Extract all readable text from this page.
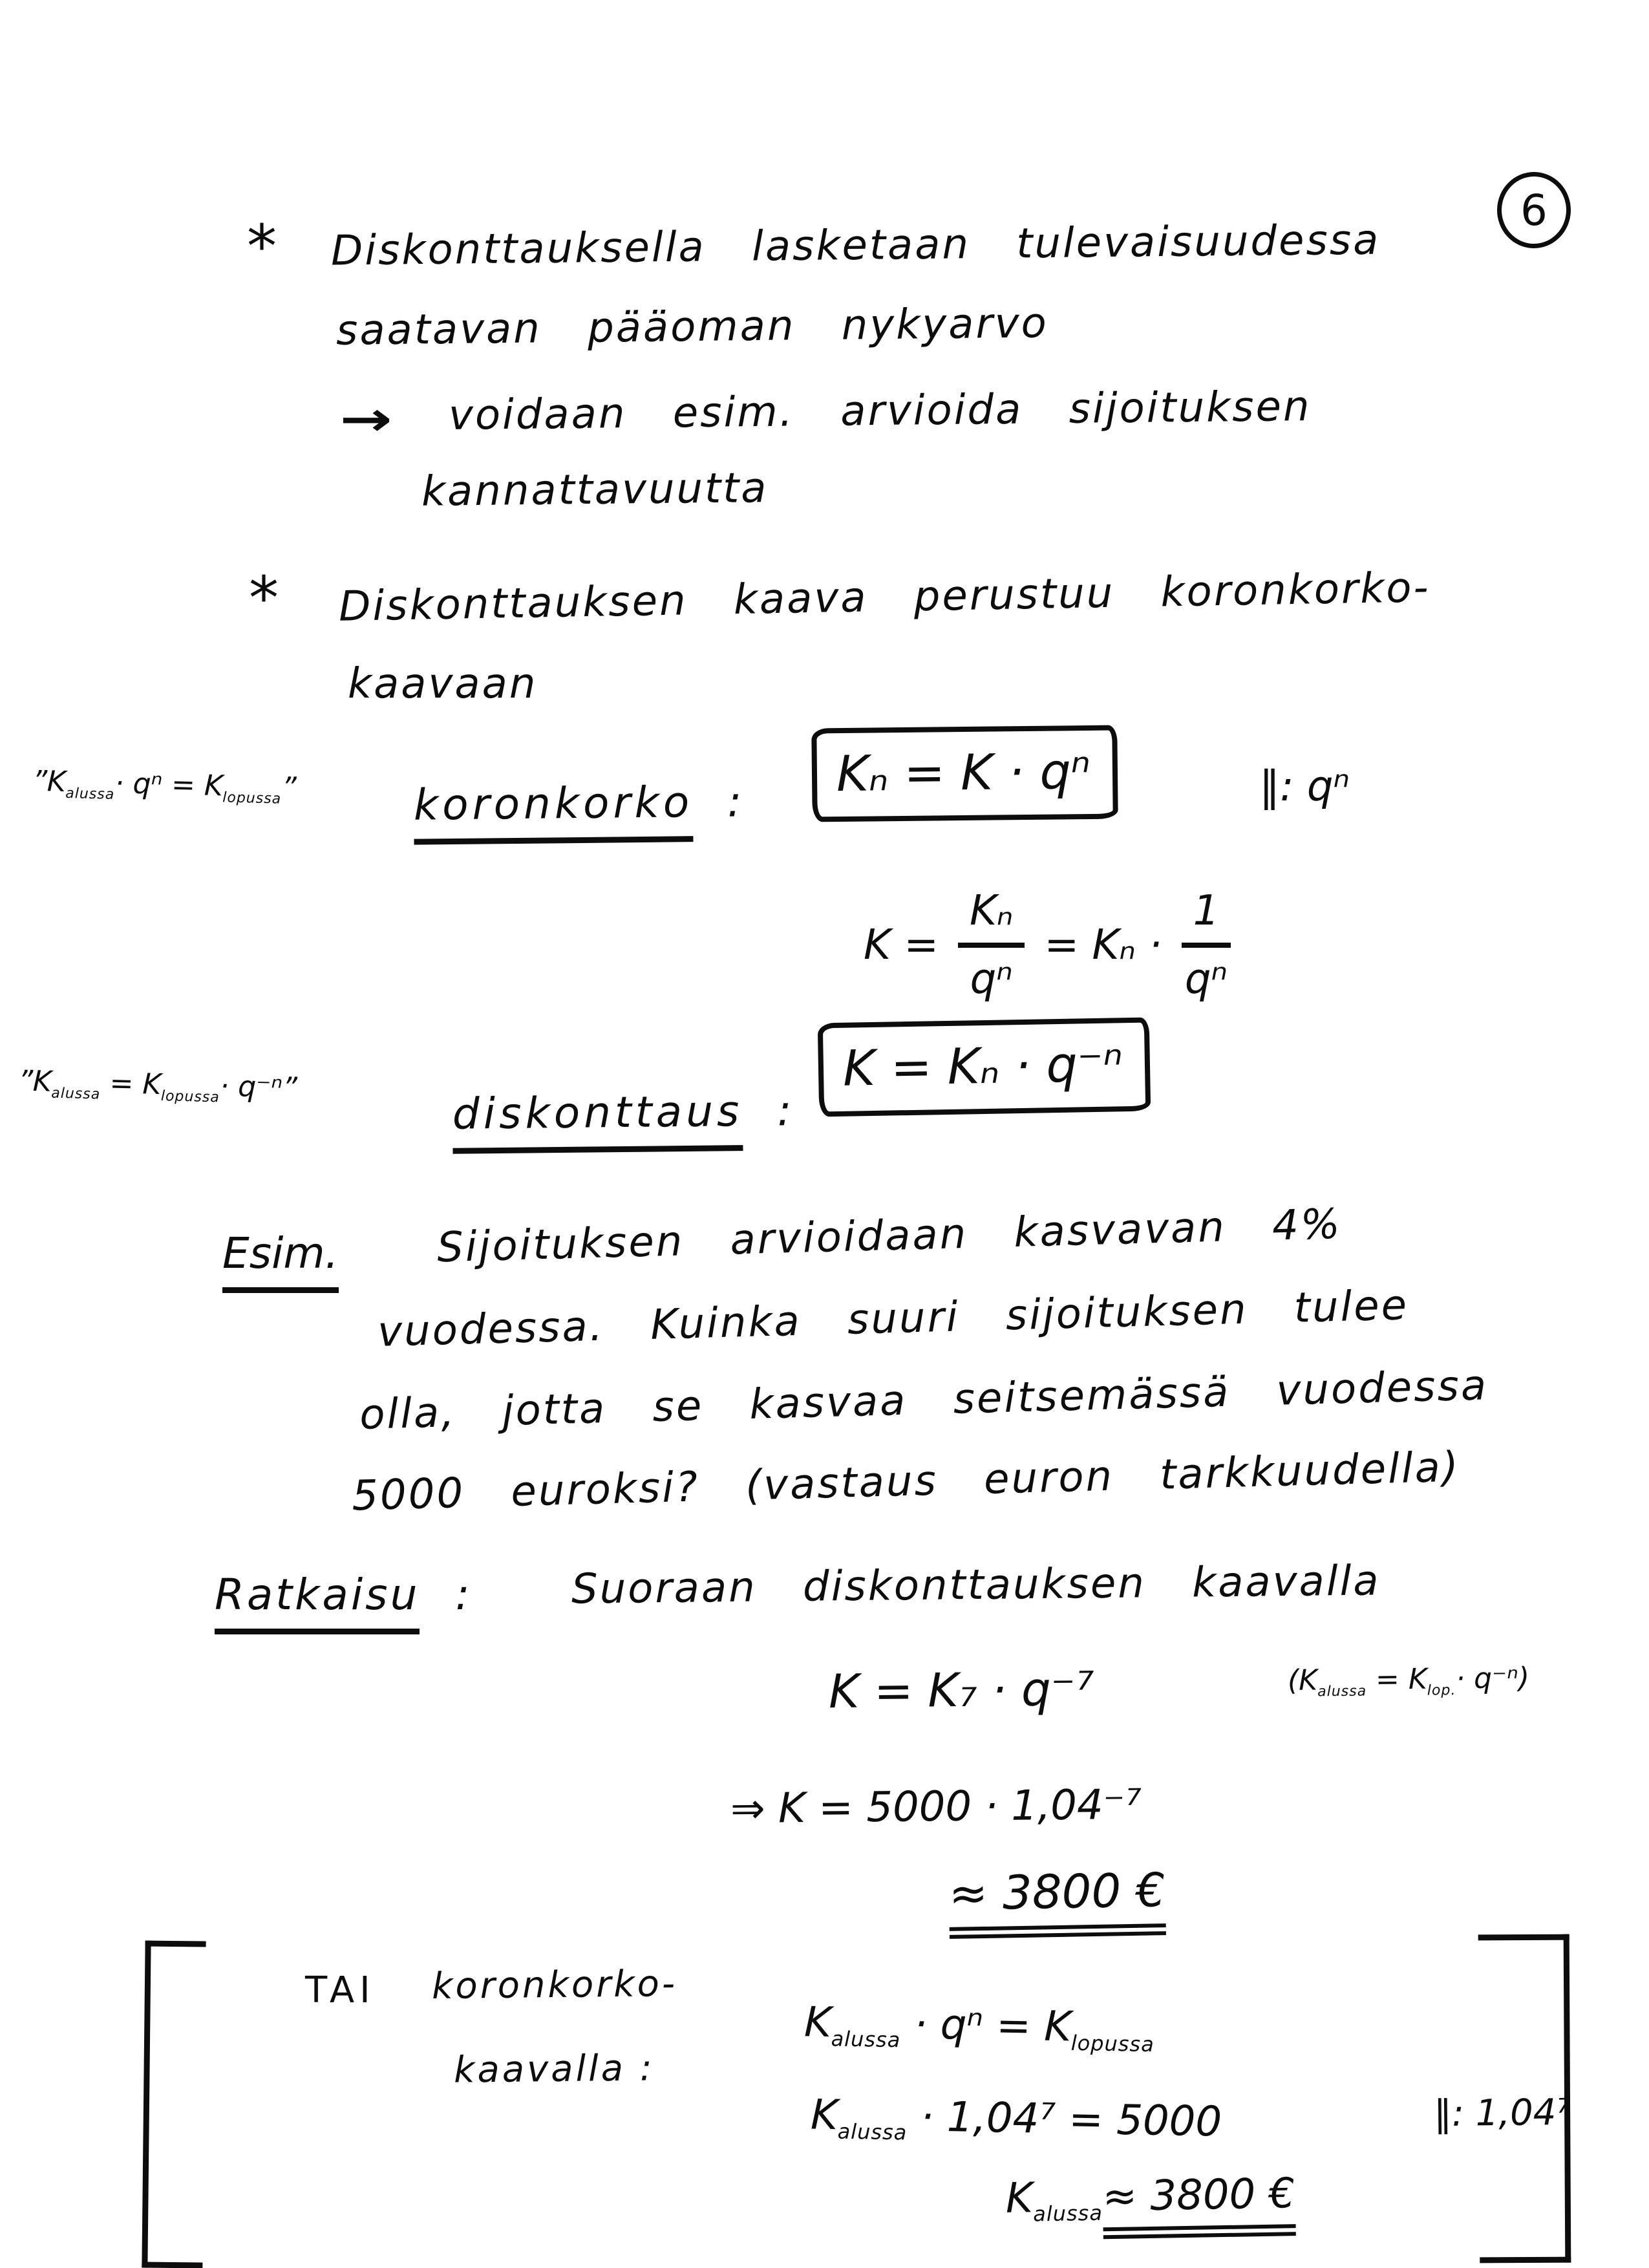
6
* Diskonttauksella lasketaan tulevaisuudessa
saatavan pääoman nykyarvo
→ voidaan esim. arvioida sijoituksen
kannattavuutta
* Diskonttauksen kaava perustuu koronkorko-
kaavaan
$”K_{alussa}\cdot q^n = K_{lopussa}$”	koronkorko :	Kₙ = K · qⁿ	‖: qⁿ
$K = \frac{\text{Kₙ}}{\text{qⁿ}} = K_n \cdot \frac{1}{\text{qⁿ}}$
$”K_{alussa} = K_{lopussa}\cdot q^{-n}$”	diskonttaus :
K = Kₙ · q⁻ⁿ
Esim. Sijoituksen arvioidaan kasvavan 4%
vuodessa. Kuinka suuri sijoituksen tulee
olla, jotta se kasvaa seitsemässä vuodessa
5000 euroksi? (vastaus euron tarkkuudella)
Ratkaisu : Suoraan diskonttauksen kaavalla
K = K₇ · q⁻⁷	$(K_{alussa} = K_{lop.}\cdot q^{-n})$
⇒ K = 5000 · 1,04⁻⁷
≈ 3800 €
TAI koronkorko-
kaavalla :
$K_{alussa} \cdot q^n = K_{lopussa}$
$K_{alussa} \cdot 1,04^7 = 5000$	‖: 1,04⁷
$K_{alussa}\approx 3800$ €
